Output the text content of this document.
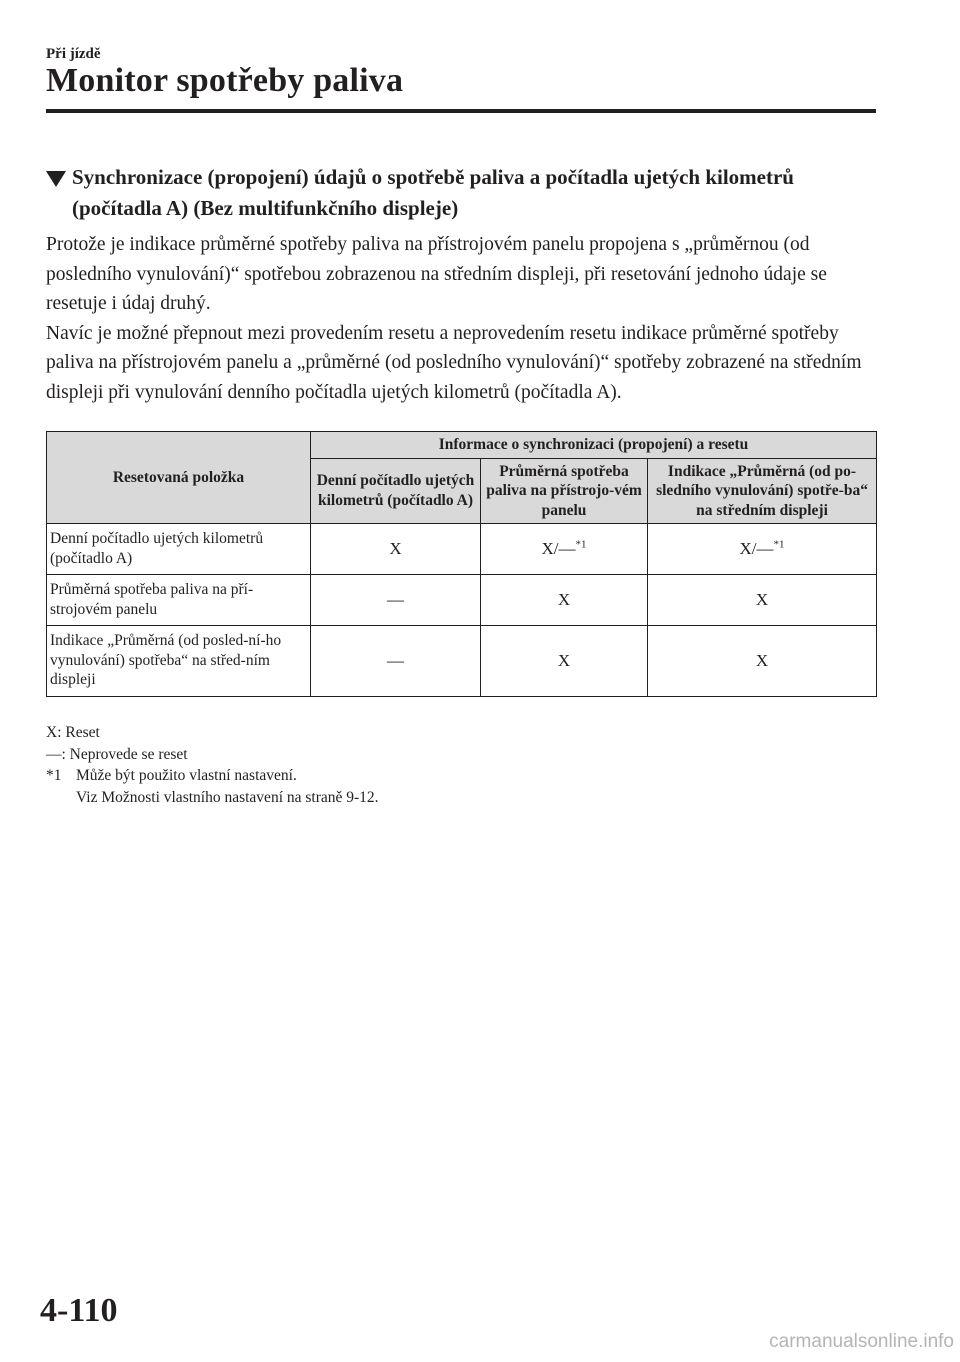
Při jízdě
Monitor spotřeby paliva
Synchronizace (propojení) údajů o spotřebě paliva a počítadla ujetých kilometrů (počítadla A) (Bez multifunkčního displeje)

Protože je indikace průměrné spotřeby paliva na přístrojovém panelu propojena s „průměrnou (od posledního vynulování)“ spotřebou zobrazenou na středním displeji, při resetování jednoho údaje se resetuje i údaj druhý.

Navíc je možné přepnout mezi provedením resetu a neprovedením resetu indikace průměrné spotřeby paliva na přístrojovém panelu a „průměrné (od posledního vynulování)“ spotřeby zobrazené na středním displeji při vynulování denního počítadla ujetých kilometrů (počítadla A).

Resetovaná položka	Informace o synchronizaci (propojení) a resetu		
	Denní počítadlo ujetých kilometrů (počítadlo A)	Průměrná spotřeba paliva na přístrojo-vém panelu	Indikace „Průměrná (od po-sledního vynulování) spotře-ba“ na středním displeji
Denní počítadlo ujetých kilometrů (počítadlo A)	X	X/—$^{*1}$	X/—$^{*1}$
Průměrná spotřeba paliva na pří-strojovém panelu	—	X	X
Indikace „Průměrná (od posled-ní-ho vynulování) spotřeba“ na střed-ním displeji	—	X	X
X: Reset
—: Neprovede se reset
*1 Může být použito vlastní nastavení.
Viz Možnosti vlastního nastavení na straně 9-12.
4-110
carmanualsonline.info
